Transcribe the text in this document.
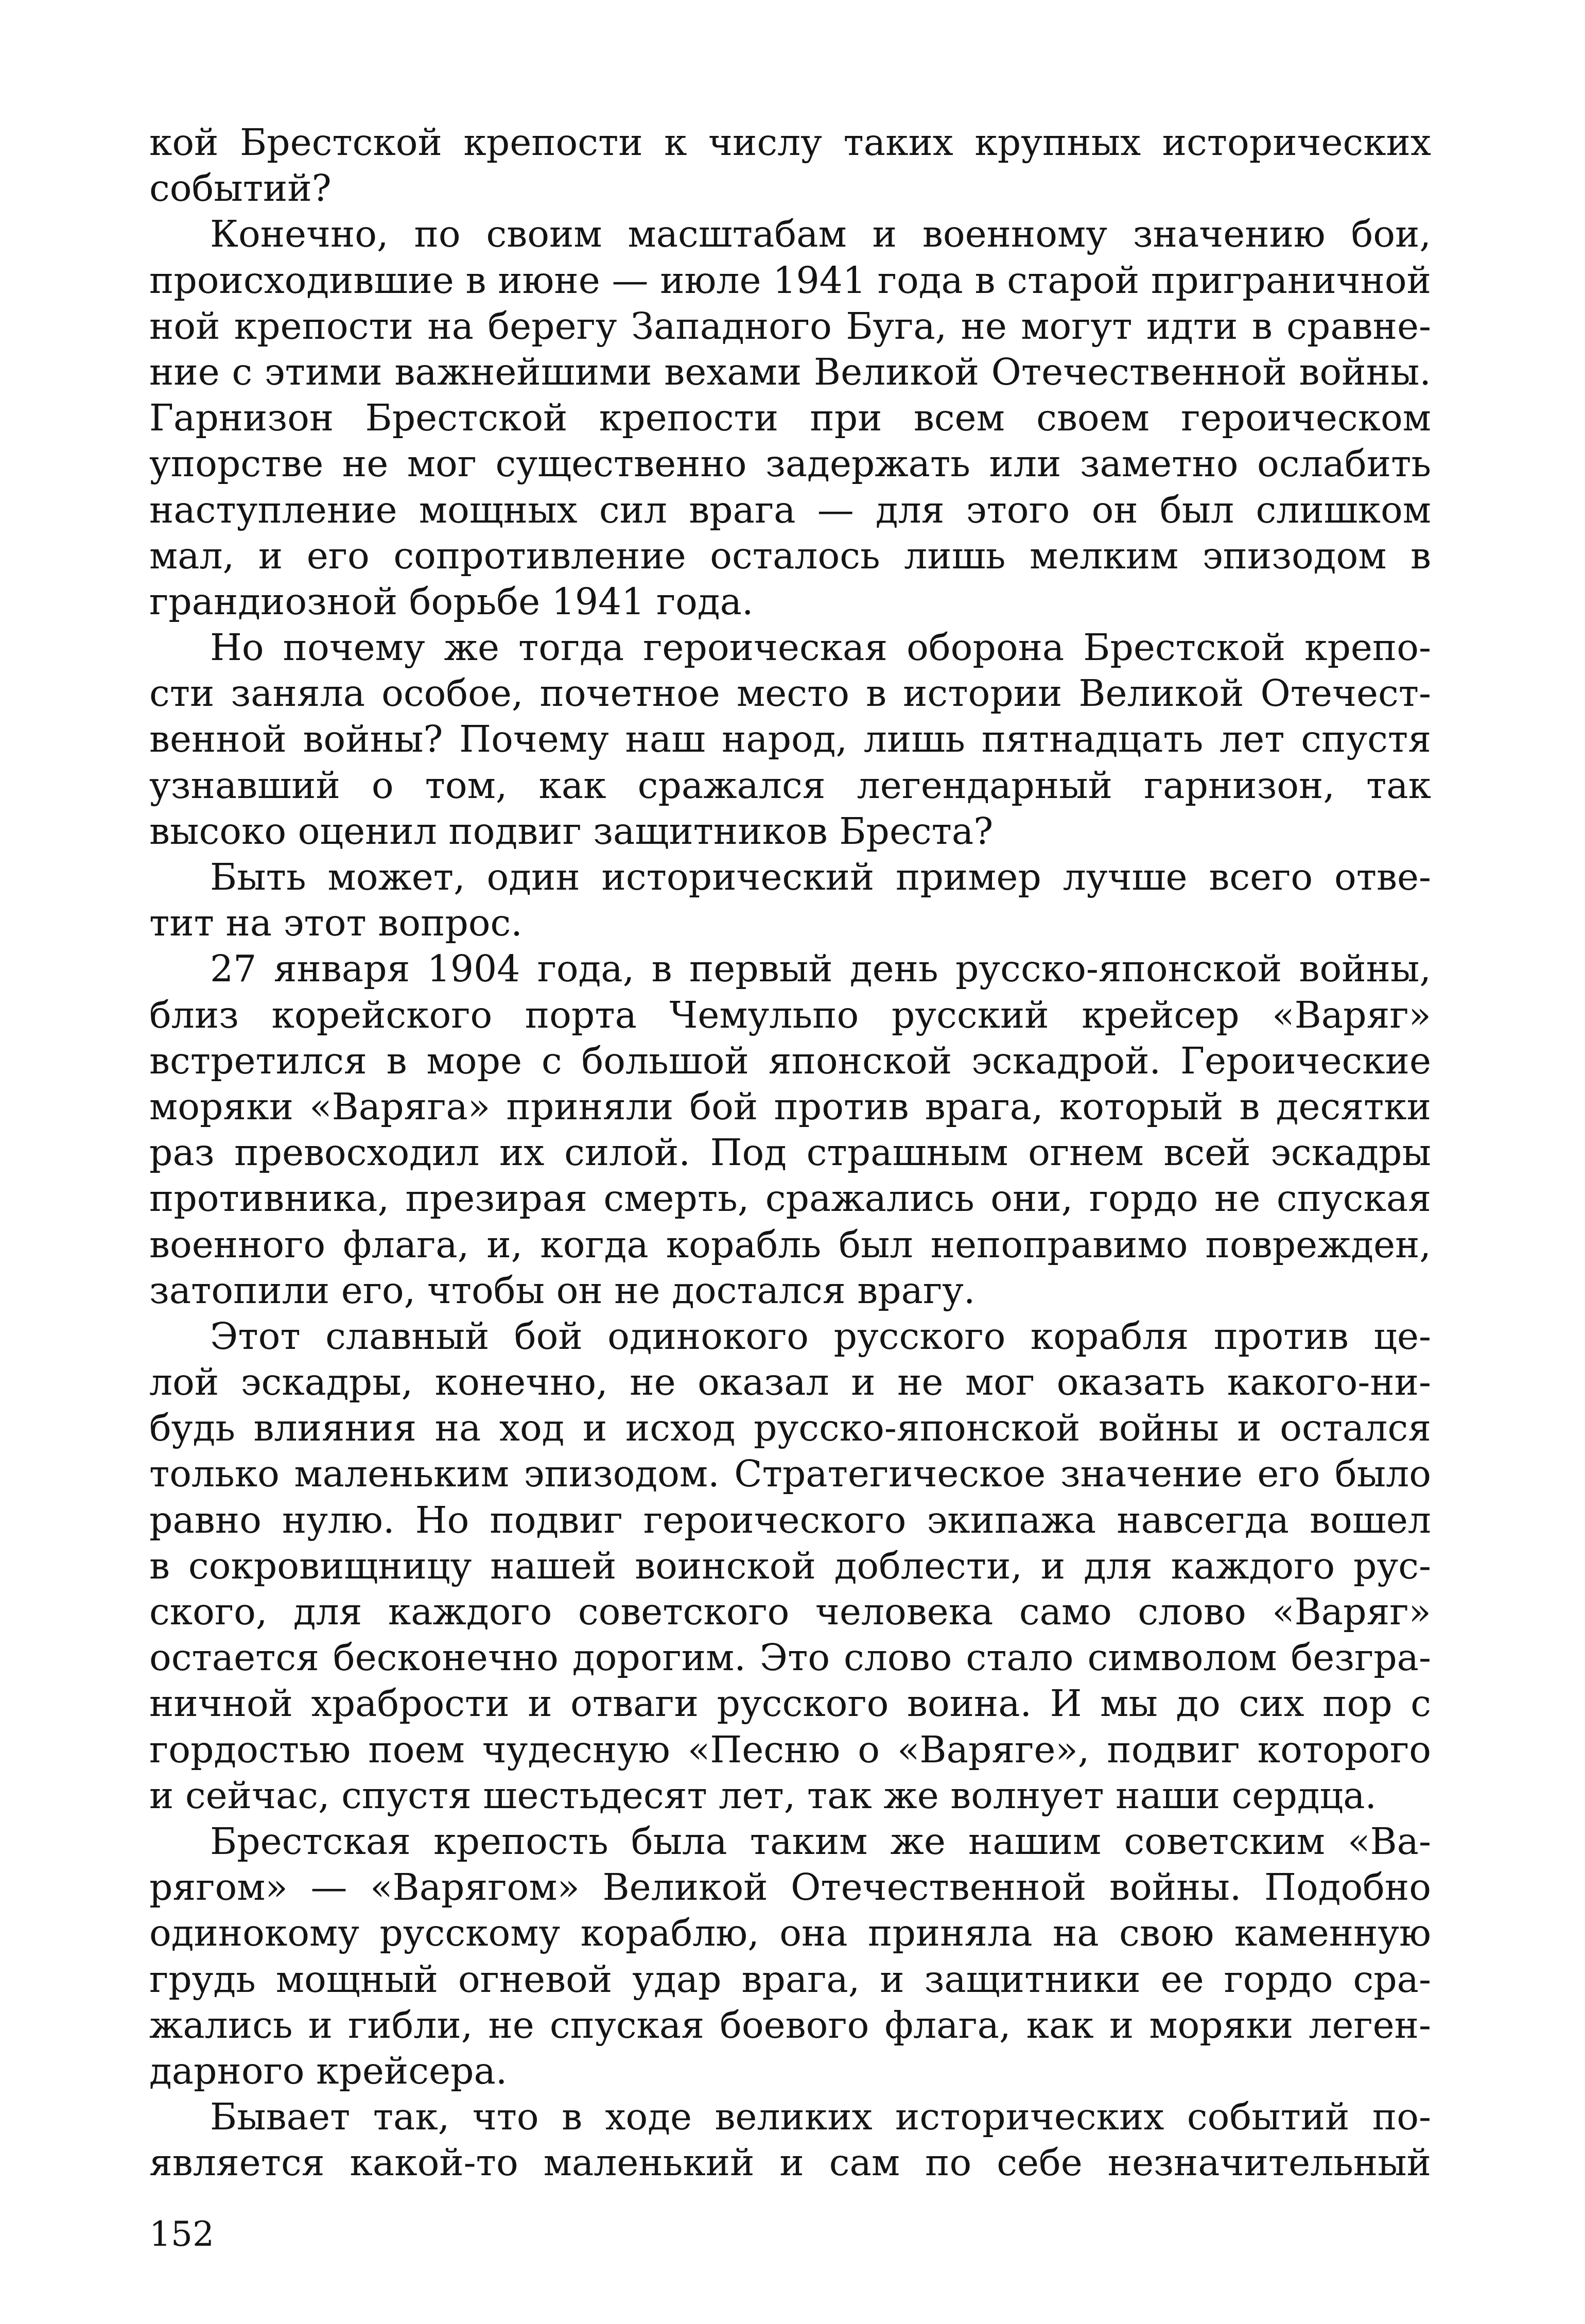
кой Брестской крепости к числу таких крупных исторических
событий?
Конечно, по своим масштабам и военному значению бои,
происходившие в июне — июле 1941 года в старой приграничной
ной крепости на берегу Западного Буга, не могут идти в сравне-
ние с этими важнейшими вехами Великой Отечественной войны.
Гарнизон Брестской крепости при всем своем героическом
упорстве не мог существенно задержать или заметно ослабить
наступление мощных сил врага — для этого он был слишком
мал, и его сопротивление осталось лишь мелким эпизодом в
грандиозной борьбе 1941 года.
Но почему же тогда героическая оборона Брестской крепо-
сти заняла особое, почетное место в истории Великой Отечест-
венной войны? Почему наш народ, лишь пятнадцать лет спустя
узнавший о том, как сражался легендарный гарнизон, так
высоко оценил подвиг защитников Бреста?
Быть может, один исторический пример лучше всего отве-
тит на этот вопрос.
27 января 1904 года, в первый день русско-японской войны,
близ корейского порта Чемульпо русский крейсер «Варяг»
встретился в море с большой японской эскадрой. Героические
моряки «Варяга» приняли бой против врага, который в десятки
раз превосходил их силой. Под страшным огнем всей эскадры
противника, презирая смерть, сражались они, гордо не спуская
военного флага, и, когда корабль был непоправимо поврежден,
затопили его, чтобы он не достался врагу.
Этот славный бой одинокого русского корабля против це-
лой эскадры, конечно, не оказал и не мог оказать какого-ни-
будь влияния на ход и исход русско-японской войны и остался
только маленьким эпизодом. Стратегическое значение его было
равно нулю. Но подвиг героического экипажа навсегда вошел
в сокровищницу нашей воинской доблести, и для каждого рус-
ского, для каждого советского человека само слово «Варяг»
остается бесконечно дорогим. Это слово стало символом безгра-
ничной храбрости и отваги русского воина. И мы до сих пор с
гордостью поем чудесную «Песню о «Варяге», подвиг которого
и сейчас, спустя шестьдесят лет, так же волнует наши сердца.
Брестская крепость была таким же нашим советским «Ва-
рягом» — «Варягом» Великой Отечественной войны. Подобно
одинокому русскому кораблю, она приняла на свою каменную
грудь мощный огневой удар врага, и защитники ее гордо сра-
жались и гибли, не спуская боевого флага, как и моряки леген-
дарного крейсера.
Бывает так, что в ходе великих исторических событий по-
является какой-то маленький и сам по себе незначительный
152
